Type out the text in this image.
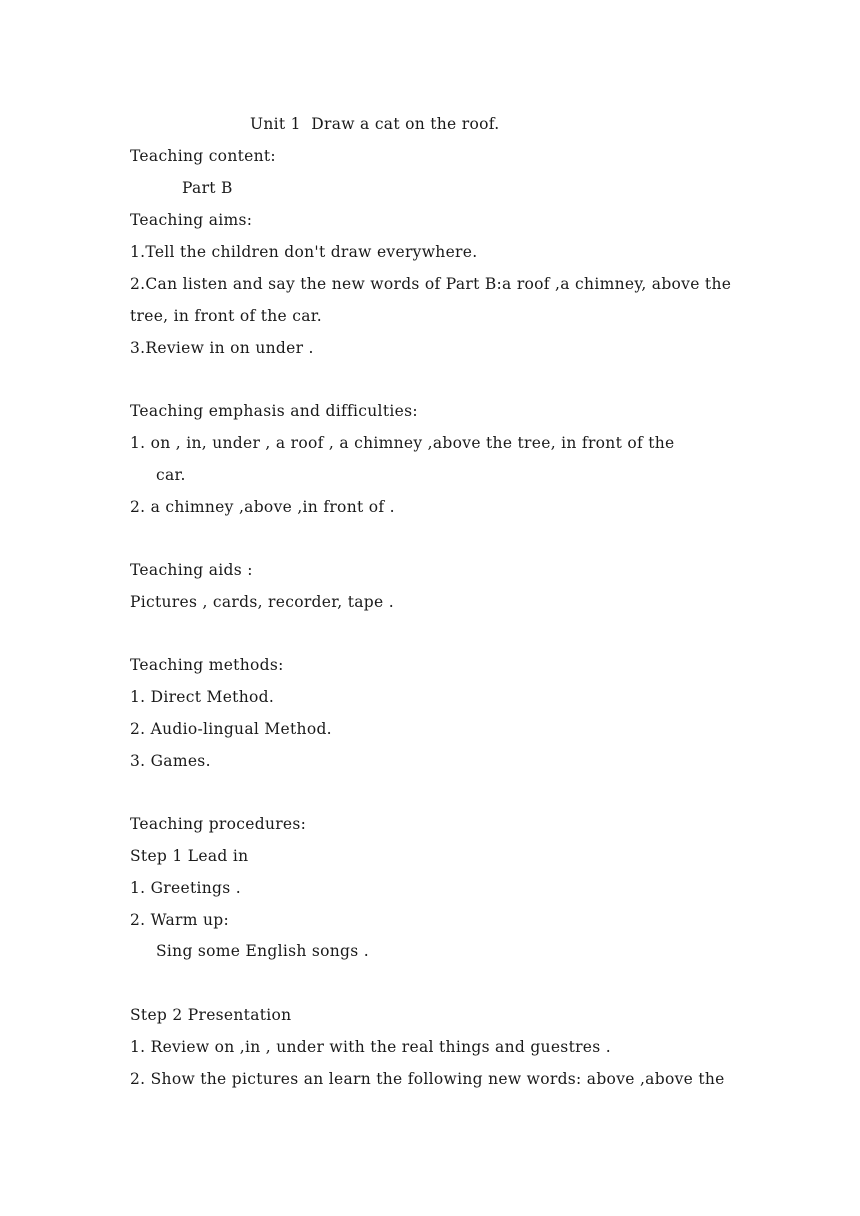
Unit 1  Draw a cat on the roof.
Teaching content:
Part B
Teaching aims:
1.Tell the children don't draw everywhere.
2.Can listen and say the new words of Part B:a roof ,a chimney, above the
tree, in front of the car.
3.Review in on under .
Teaching emphasis and difficulties:
1. on , in, under , a roof , a chimney ,above the tree, in front of the
car.
2. a chimney ,above ,in front of .
Teaching aids :
Pictures , cards, recorder, tape .
Teaching methods:
1. Direct Method.
2. Audio-lingual Method.
3. Games.
Teaching procedures:
Step 1 Lead in
1. Greetings .
2. Warm up:
Sing some English songs .
Step 2 Presentation
1. Review on ,in , under with the real things and guestres .
2. Show the pictures an learn the following new words: above ,above the
